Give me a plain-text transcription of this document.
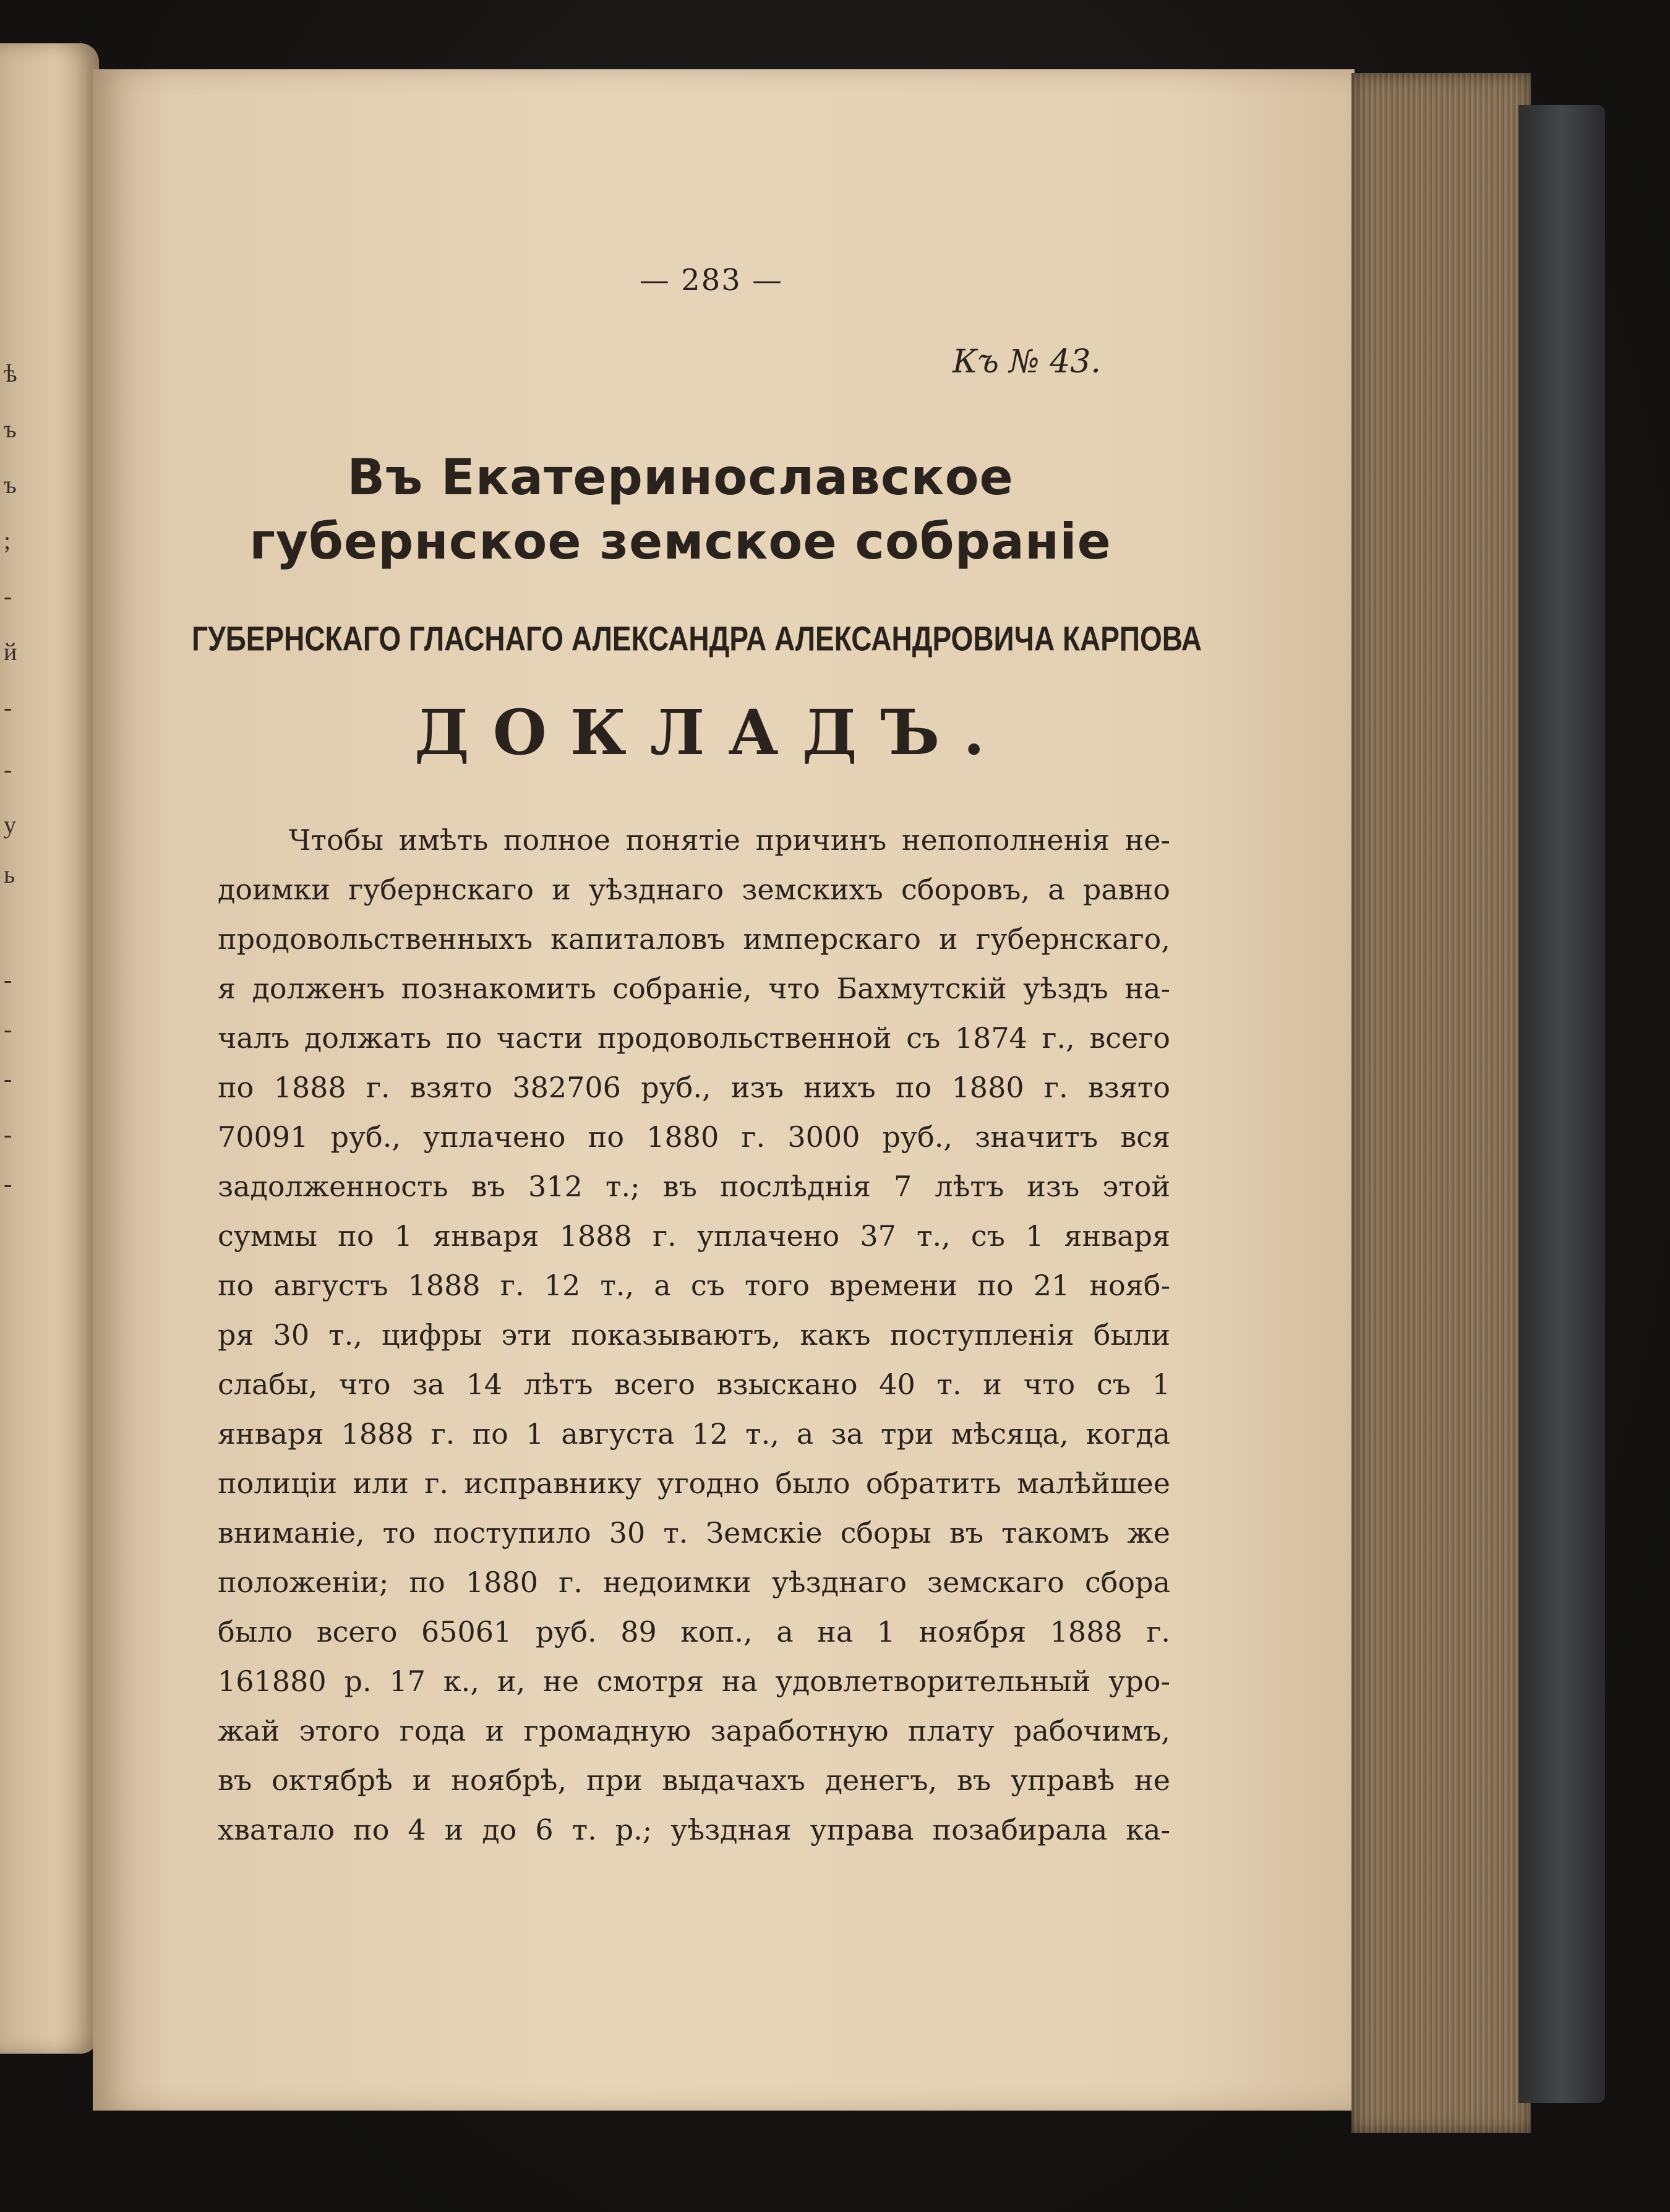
ѣ
ъ
ъ
;
-
й
-
-
у
ь
-
-
-
-
-
— 283 —
Къ № 43.
Въ Екатеринославское губернское земское собраніе
ГУБЕРНСКАГО ГЛАСНАГО АЛЕКСАНДРА АЛЕКСАНДРОВИЧА КАРПОВА
ДОКЛАДЪ.
Чтобы имѣть полное понятіе причинъ непополненія не-
доимки губернскаго и уѣзднаго земскихъ сборовъ, а равно
продовольственныхъ капиталовъ имперскаго и губернскаго,
я долженъ познакомить собраніе, что Бахмутскій уѣздъ на-
чалъ должать по части продовольственной съ 1874 г., всего
по 1888 г. взято 382706 руб., изъ нихъ по 1880 г. взято
70091 руб., уплачено по 1880 г. 3000 руб., значитъ вся
задолженность въ 312 т.; въ послѣднія 7 лѣтъ изъ этой
суммы по 1 января 1888 г. уплачено 37 т., съ 1 января
по августъ 1888 г. 12 т., а съ того времени по 21 нояб-
ря 30 т., цифры эти показываютъ, какъ поступленія были
слабы, что за 14 лѣтъ всего взыскано 40 т. и что съ 1
января 1888 г. по 1 августа 12 т., а за три мѣсяца, когда
полиціи или г. исправнику угодно было обратить малѣйшее
вниманіе, то поступило 30 т. Земскіе сборы въ такомъ же
положеніи; по 1880 г. недоимки уѣзднаго земскаго сбора
было всего 65061 руб. 89 коп., а на 1 ноября 1888 г.
161880 р. 17 к., и, не смотря на удовлетворительный уро-
жай этого года и громадную заработную плату рабочимъ,
въ октябрѣ и ноябрѣ, при выдачахъ денегъ, въ управѣ не
хватало по 4 и до 6 т. р.; уѣздная управа позабирала ка-
